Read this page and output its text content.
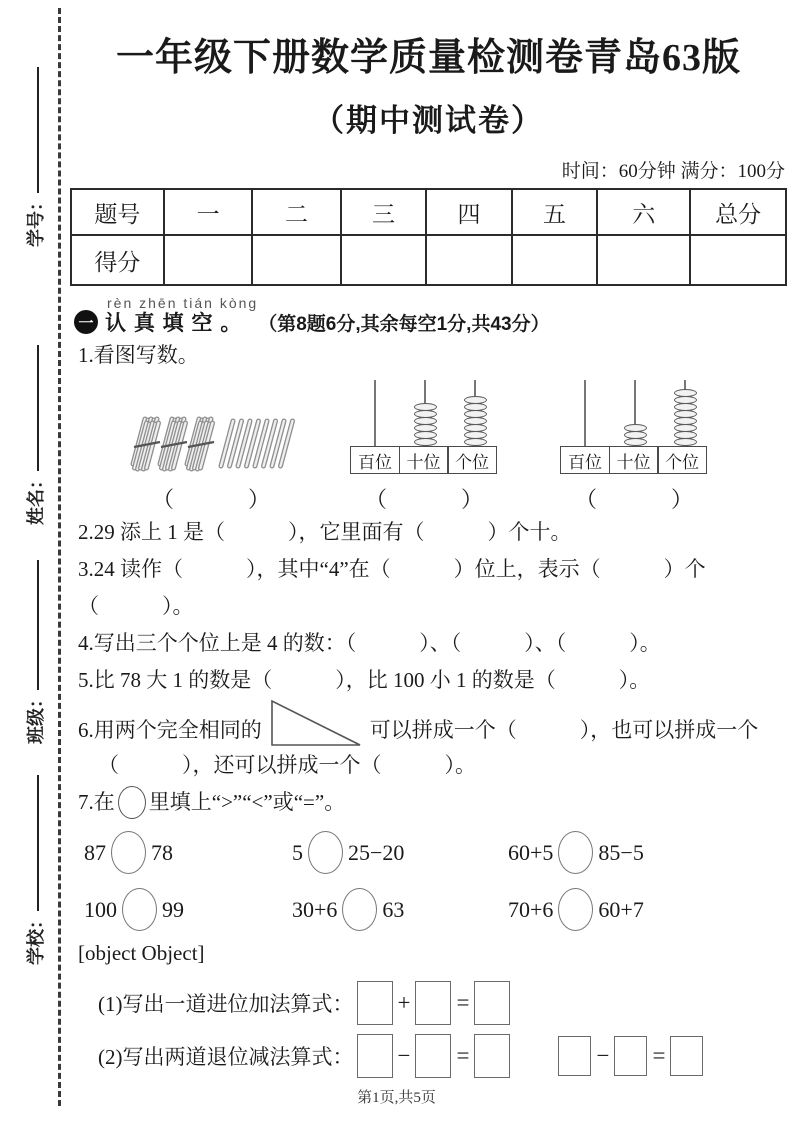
学号：
姓名：
班级：
学校：
一年级下册数学质量检测卷青岛63版
（期中测试卷）
时间：60分钟 满分：100分
题号	一	二	三	四	五	六	总分
得分							
一
rèn zhēn tián kòng
认 真 填 空 。 （第8题6分,其余每空1分,共43分）
1.看图写数。
（　　　）
百位 十位 个位
（　　　）
百位 十位 个位
（　　　）
2.29 添上 1 是（　　　），它里面有（　　　）个十。
3.24 读作（　　　），其中“4”在（　　　）位上，表示（　　　）个（　　　）。
4.写出三个个位上是 4 的数：（　　　）、（　　　）、（　　　）。
5.比 78 大 1 的数是（　　　），比 100 小 1 的数是（　　　）。
6.用两个完全相同的	可以拼成一个（　　　），也可以拼成一个
（　　　），还可以拼成一个（　　　）。
7.在 里填上“>”“<”或“=”。
87 78	5 25−20	60+5 85−5
100 99	30+6 63	70+6 60+7
[object Object]
(1)写出一道进位加法算式： + =
(2)写出两道退位减法算式： − =	− =
第1页,共5页
